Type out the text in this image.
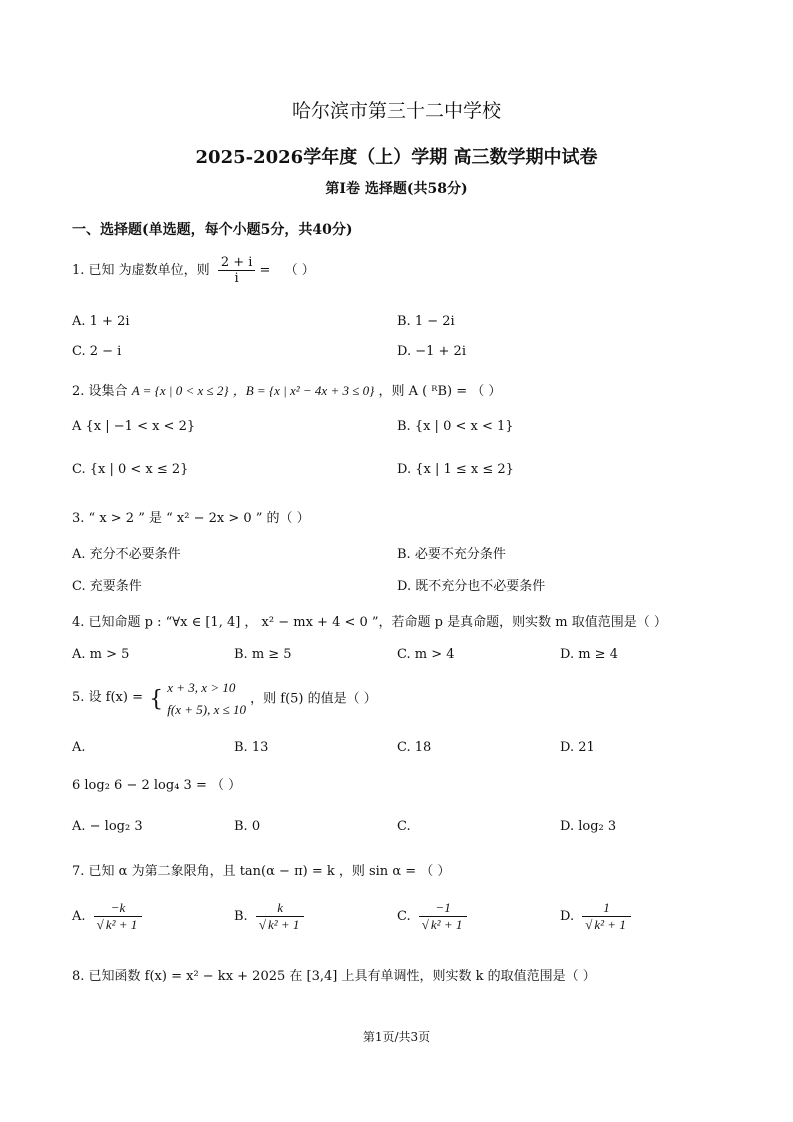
哈尔滨市第三十二中学校
2025-2026学年度（上）学期 高三数学期中试卷
第I卷 选择题(共58分)
一、选择题(单选题，每个小题5分，共40分)
1. 已知 为虚数单位，则 $\frac{2 + i}{i}$ = （ ）
A. 1 + 2i	B. 1 − 2i
C. 2 − i	D. −1 + 2i
2. 设集合 A = {x | 0 < x ≤ 2} ，B = {x | x² − 4x + 3 ≤ 0} ，则 A ( ᴿB) = （ ）
A {x | −1 < x < 2}	B. {x | 0 < x < 1}
C. {x | 0 < x ≤ 2}	D. {x | 1 ≤ x ≤ 2}
3. “ x > 2 ” 是 “ x² − 2x > 0 ” 的（ ）
A. 充分不必要条件	B. 必要不充分条件
C. 充要条件	D. 既不充分也不必要条件
4. 已知命题 p : “∀x ∈ [1, 4] ， x² − mx + 4 < 0 ”，若命题 p 是真命题，则实数 m 取值范围是（ ）
A. m > 5	B. m ≥ 5	C. m > 4	D. m ≥ 4
5. 设 f(x) = { x + 3, x > 10
f(x + 5), x ≤ 10
，则 f(5) 的值是（ ）
A.	B. 13	C. 18	D. 21
6 log₂ 6 − 2 log₄ 3 = （ ）
A. − log₂ 3	B. 0	C.	D. log₂ 3
7. 已知 α 为第二象限角，且 tan(α − π) = k ，则 sin α = （ ）
A. $\frac{-k}{\text{√ k² + 1}}$	B. $\frac{k}{\text{√ k² + 1}}$	C. $\frac{-1}{\text{√ k² + 1}}$	D. $\frac{1}{\text{√ k² + 1}}$
8. 已知函数 f(x) = x² − kx + 2025 在 [3,4] 上具有单调性，则实数 k 的取值范围是（ ）
第1页/共3页
